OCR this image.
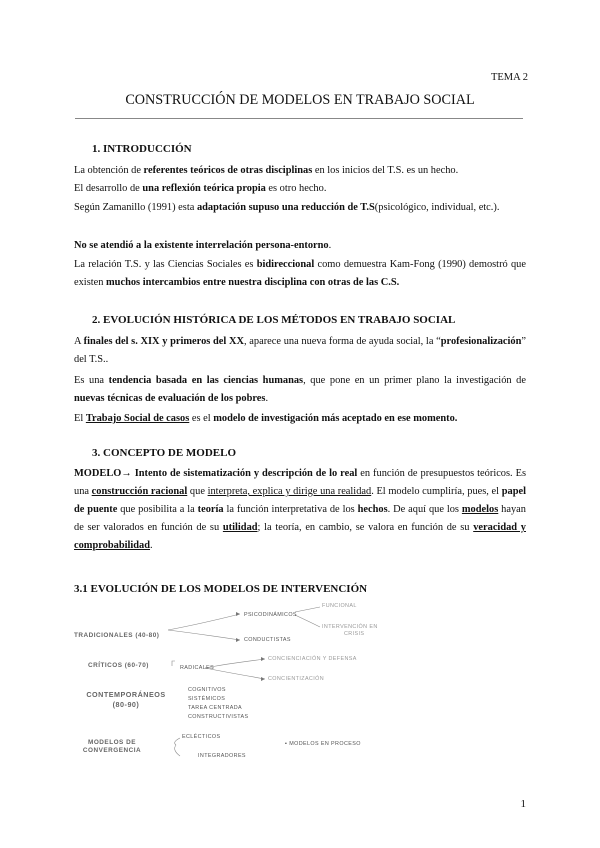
TEMA 2
CONSTRUCCIÓN DE MODELOS EN TRABAJO SOCIAL
1. INTRODUCCIÓN
La obtención de referentes teóricos de otras disciplinas en los inicios del T.S. es un hecho.
El desarrollo de una reflexión teórica propia es otro hecho.
Según Zamanillo (1991) esta adaptación supuso una reducción de T.S(psicológico, individual, etc.).
No se atendió a la existente interrelación persona-entorno.
La relación T.S. y las Ciencias Sociales es bidireccional como demuestra Kam-Fong (1990) demostró que existen muchos intercambios entre nuestra disciplina con otras de las C.S.
2. EVOLUCIÓN HISTÓRICA DE LOS MÉTODOS EN TRABAJO SOCIAL
A finales del s. XIX y primeros del XX, aparece una nueva forma de ayuda social, la “profesionalización” del T.S..
Es una tendencia basada en las ciencias humanas, que pone en un primer plano la investigación de nuevas técnicas de evaluación de los pobres.
El Trabajo Social de casos es el modelo de investigación más aceptado en ese momento.
3. CONCEPTO DE MODELO
MODELO→ Intento de sistematización y descripción de lo real en función de presupuestos teóricos. Es una construcción racional que interpreta, explica y dirige una realidad. El modelo cumpliría, pues, el papel de puente que posibilita a la teoría la función interpretativa de los hechos. De aquí que los modelos hayan de ser valorados en función de su utilidad; la teoría, en cambio, se valora en función de su veracidad y comprobabilidad.
3.1 EVOLUCIÓN DE LOS MODELOS DE INTERVENCIÓN
TRADICIONALES (40-80)
PSICODINÁMICOS
CONDUCTISTAS
FUNCIONAL
INTERVENCIÓN EN
CRISIS
CRÍTICOS (60-70)	RADICALES
CONCIENCIACIÓN Y DEFENSA
CONCIENTIZACIÓN
CONTEMPORÁNEOS
(80-90)
COGNITIVOS
SISTÉMICOS
TAREA CENTRADA
CONSTRUCTIVISTAS
MODELOS DE
CONVERGENCIA
ECLÉCTICOS
INTEGRADORES
▪ MODELOS EN PROCESO
1
